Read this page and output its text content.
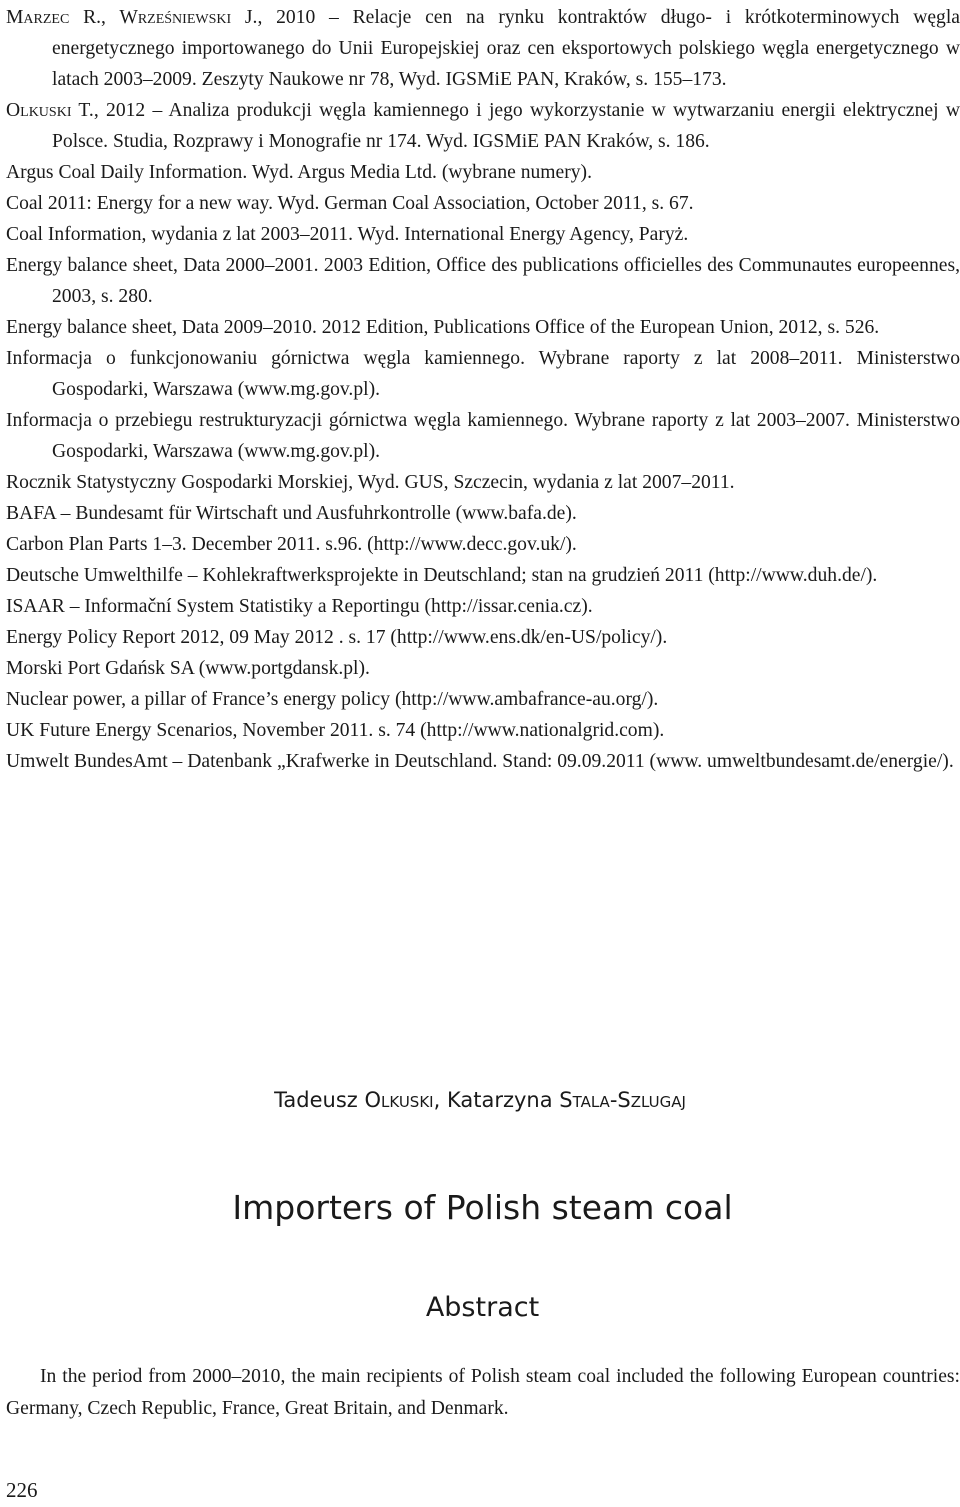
Marzec R., Wrześniewski J., 2010 – Relacje cen na rynku kontraktów długo- i krótkoterminowych węgla energetycznego importowanego do Unii Europejskiej oraz cen eksportowych polskiego węgla energetycznego w latach 2003–2009. Zeszyty Naukowe nr 78, Wyd. IGSMiE PAN, Kraków, s. 155–173.
Olkuski T., 2012 – Analiza produkcji węgla kamiennego i jego wykorzystanie w wytwarzaniu energii elektrycznej w Polsce. Studia, Rozprawy i Monografie nr 174. Wyd. IGSMiE PAN Kraków, s. 186.
Argus Coal Daily Information. Wyd. Argus Media Ltd. (wybrane numery).
Coal 2011: Energy for a new way. Wyd. German Coal Association, October 2011, s. 67.
Coal Information, wydania z lat 2003–2011. Wyd. International Energy Agency, Paryż.
Energy balance sheet, Data 2000–2001. 2003 Edition, Office des publications officielles des Communautes europeennes, 2003, s. 280.
Energy balance sheet, Data 2009–2010. 2012 Edition, Publications Office of the European Union, 2012, s. 526.
Informacja o funkcjonowaniu górnictwa węgla kamiennego. Wybrane raporty z lat 2008–2011. Ministerstwo Gospodarki, Warszawa (www.mg.gov.pl).
Informacja o przebiegu restrukturyzacji górnictwa węgla kamiennego. Wybrane raporty z lat 2003–2007. Ministerstwo Gospodarki, Warszawa (www.mg.gov.pl).
Rocznik Statystyczny Gospodarki Morskiej, Wyd. GUS, Szczecin, wydania z lat 2007–2011.
BAFA – Bundesamt für Wirtschaft und Ausfuhrkontrolle (www.bafa.de).
Carbon Plan Parts 1–3. December 2011. s.96. (http://www.decc.gov.uk/).
Deutsche Umwelthilfe – Kohlekraftwerksprojekte in Deutschland; stan na grudzień 2011 (http://www.duh.de/).
ISAAR – Informační System Statistiky a Reportingu (http://issar.cenia.cz).
Energy Policy Report 2012, 09 May 2012 . s. 17 (http://www.ens.dk/en-US/policy/).
Morski Port Gdańsk SA (www.portgdansk.pl).
Nuclear power, a pillar of France’s energy policy (http://www.ambafrance-au.org/).
UK Future Energy Scenarios, November 2011. s. 74 (http://www.nationalgrid.com).
Umwelt BundesAmt – Datenbank „Krafwerke in Deutschland. Stand: 09.09.2011 (www. umweltbundesamt.de/energie/).
Tadeusz Olkuski, Katarzyna Stala-Szlugaj
Importers of Polish steam coal
Abstract
In the period from 2000–2010, the main recipients of Polish steam coal included the following European countries: Germany, Czech Republic, France, Great Britain, and Denmark.
226
